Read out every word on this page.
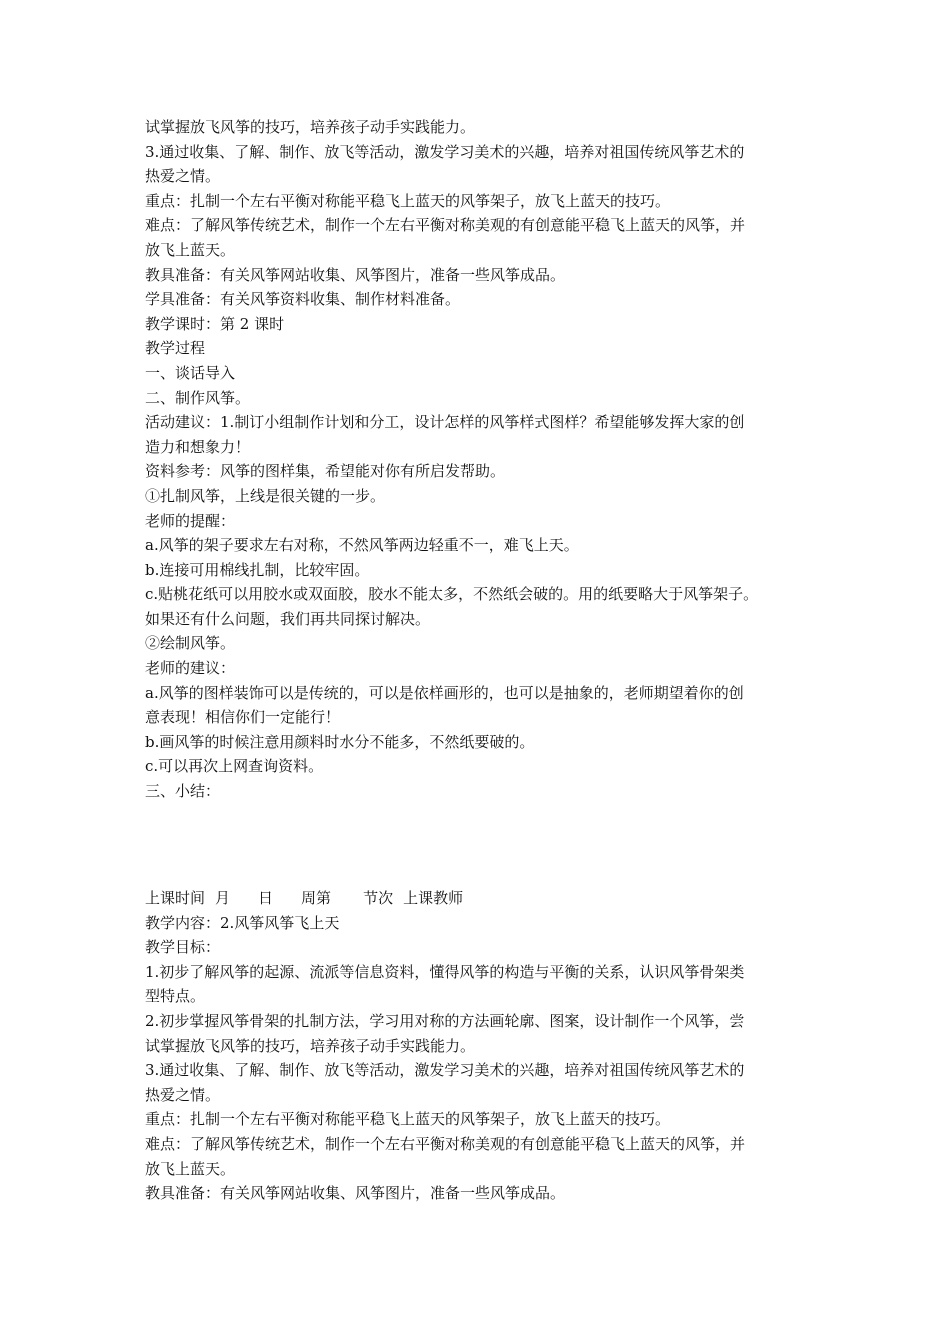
试掌握放飞风筝的技巧，培养孩子动手实践能力。
3.通过收集、了解、制作、放飞等活动，激发学习美术的兴趣，培养对祖国传统风筝艺术的
热爱之情。
重点：扎制一个左右平衡对称能平稳飞上蓝天的风筝架子，放飞上蓝天的技巧。
难点：了解风筝传统艺术，制作一个左右平衡对称美观的有创意能平稳飞上蓝天的风筝，并
放飞上蓝天。
教具准备：有关风筝网站收集、风筝图片，准备一些风筝成品。
学具准备：有关风筝资料收集、制作材料准备。
教学课时：第 2 课时
教学过程
一、谈话导入
二、制作风筝。
活动建议：1.制订小组制作计划和分工，设计怎样的风筝样式图样？希望能够发挥大家的创
造力和想象力！
资料参考：风筝的图样集，希望能对你有所启发帮助。
①扎制风筝，上线是很关键的一步。
老师的提醒：
a.风筝的架子要求左右对称，不然风筝两边轻重不一，难飞上天。
b.连接可用棉线扎制，比较牢固。
c.贴桃花纸可以用胶水或双面胶，胶水不能太多，不然纸会破的。用的纸要略大于风筝架子。
如果还有什么问题，我们再共同探讨解决。
②绘制风筝。
老师的建议：
a.风筝的图样装饰可以是传统的，可以是依样画形的，也可以是抽象的，老师期望着你的创
意表现！相信你们一定能行！
b.画风筝的时候注意用颜料时水分不能多，不然纸要破的。
c.可以再次上网查询资料。
三、小结：
上课时间 月 日 周第 节次 上课教师
教学内容：2.风筝风筝飞上天
教学目标：
1.初步了解风筝的起源、流派等信息资料，懂得风筝的构造与平衡的关系，认识风筝骨架类
型特点。
2.初步掌握风筝骨架的扎制方法，学习用对称的方法画轮廓、图案，设计制作一个风筝，尝
试掌握放飞风筝的技巧，培养孩子动手实践能力。
3.通过收集、了解、制作、放飞等活动，激发学习美术的兴趣，培养对祖国传统风筝艺术的
热爱之情。
重点：扎制一个左右平衡对称能平稳飞上蓝天的风筝架子，放飞上蓝天的技巧。
难点：了解风筝传统艺术，制作一个左右平衡对称美观的有创意能平稳飞上蓝天的风筝，并
放飞上蓝天。
教具准备：有关风筝网站收集、风筝图片，准备一些风筝成品。
